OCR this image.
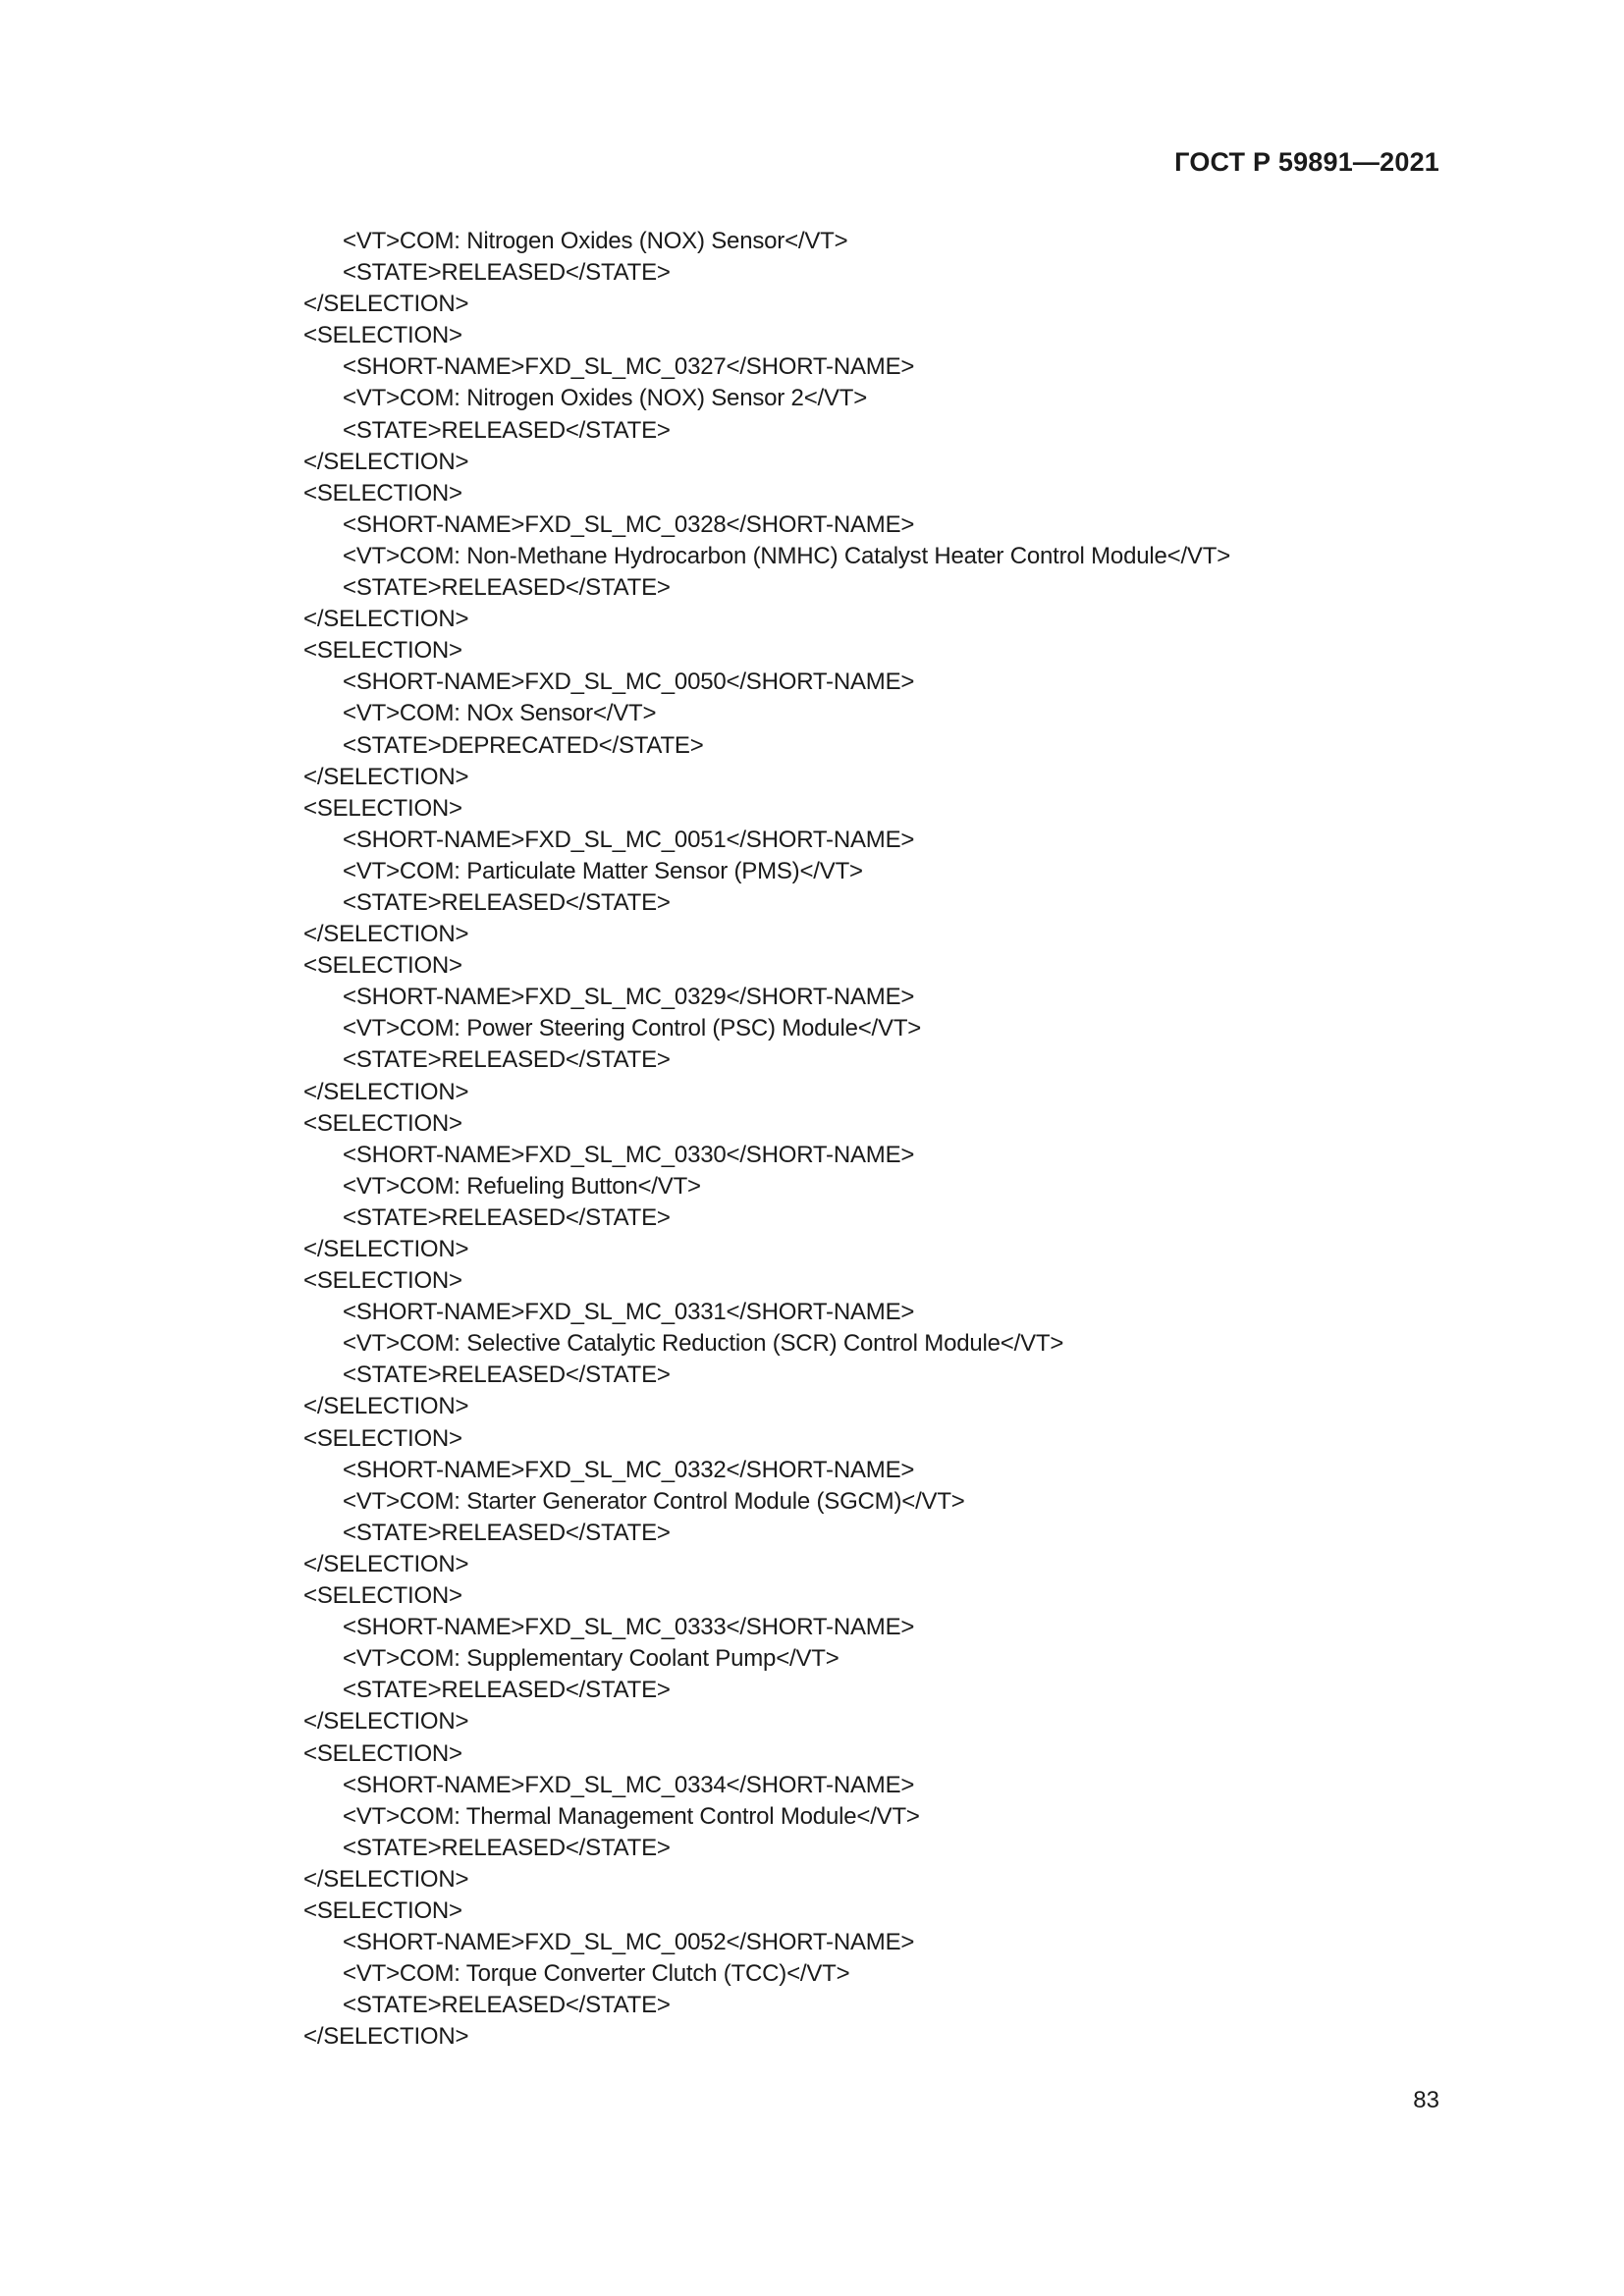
ГОСТ Р 59891—2021
<VT>COM: Nitrogen Oxides (NOX) Sensor</VT>
<STATE>RELEASED</STATE>
</SELECTION>
<SELECTION>
<SHORT-NAME>FXD_SL_MC_0327</SHORT-NAME>
<VT>COM: Nitrogen Oxides (NOX) Sensor 2</VT>
<STATE>RELEASED</STATE>
</SELECTION>
<SELECTION>
<SHORT-NAME>FXD_SL_MC_0328</SHORT-NAME>
<VT>COM: Non-Methane Hydrocarbon (NMHC) Catalyst Heater Control Module</VT>
<STATE>RELEASED</STATE>
</SELECTION>
<SELECTION>
<SHORT-NAME>FXD_SL_MC_0050</SHORT-NAME>
<VT>COM: NOx Sensor</VT>
<STATE>DEPRECATED</STATE>
</SELECTION>
<SELECTION>
<SHORT-NAME>FXD_SL_MC_0051</SHORT-NAME>
<VT>COM: Particulate Matter Sensor (PMS)</VT>
<STATE>RELEASED</STATE>
</SELECTION>
<SELECTION>
<SHORT-NAME>FXD_SL_MC_0329</SHORT-NAME>
<VT>COM: Power Steering Control (PSC) Module</VT>
<STATE>RELEASED</STATE>
</SELECTION>
<SELECTION>
<SHORT-NAME>FXD_SL_MC_0330</SHORT-NAME>
<VT>COM: Refueling Button</VT>
<STATE>RELEASED</STATE>
</SELECTION>
<SELECTION>
<SHORT-NAME>FXD_SL_MC_0331</SHORT-NAME>
<VT>COM: Selective Catalytic Reduction (SCR) Control Module</VT>
<STATE>RELEASED</STATE>
</SELECTION>
<SELECTION>
<SHORT-NAME>FXD_SL_MC_0332</SHORT-NAME>
<VT>COM: Starter Generator Control Module (SGCM)</VT>
<STATE>RELEASED</STATE>
</SELECTION>
<SELECTION>
<SHORT-NAME>FXD_SL_MC_0333</SHORT-NAME>
<VT>COM: Supplementary Coolant Pump</VT>
<STATE>RELEASED</STATE>
</SELECTION>
<SELECTION>
<SHORT-NAME>FXD_SL_MC_0334</SHORT-NAME>
<VT>COM: Thermal Management Control Module</VT>
<STATE>RELEASED</STATE>
</SELECTION>
<SELECTION>
<SHORT-NAME>FXD_SL_MC_0052</SHORT-NAME>
<VT>COM: Torque Converter Clutch (TCC)</VT>
<STATE>RELEASED</STATE>
</SELECTION>
83
